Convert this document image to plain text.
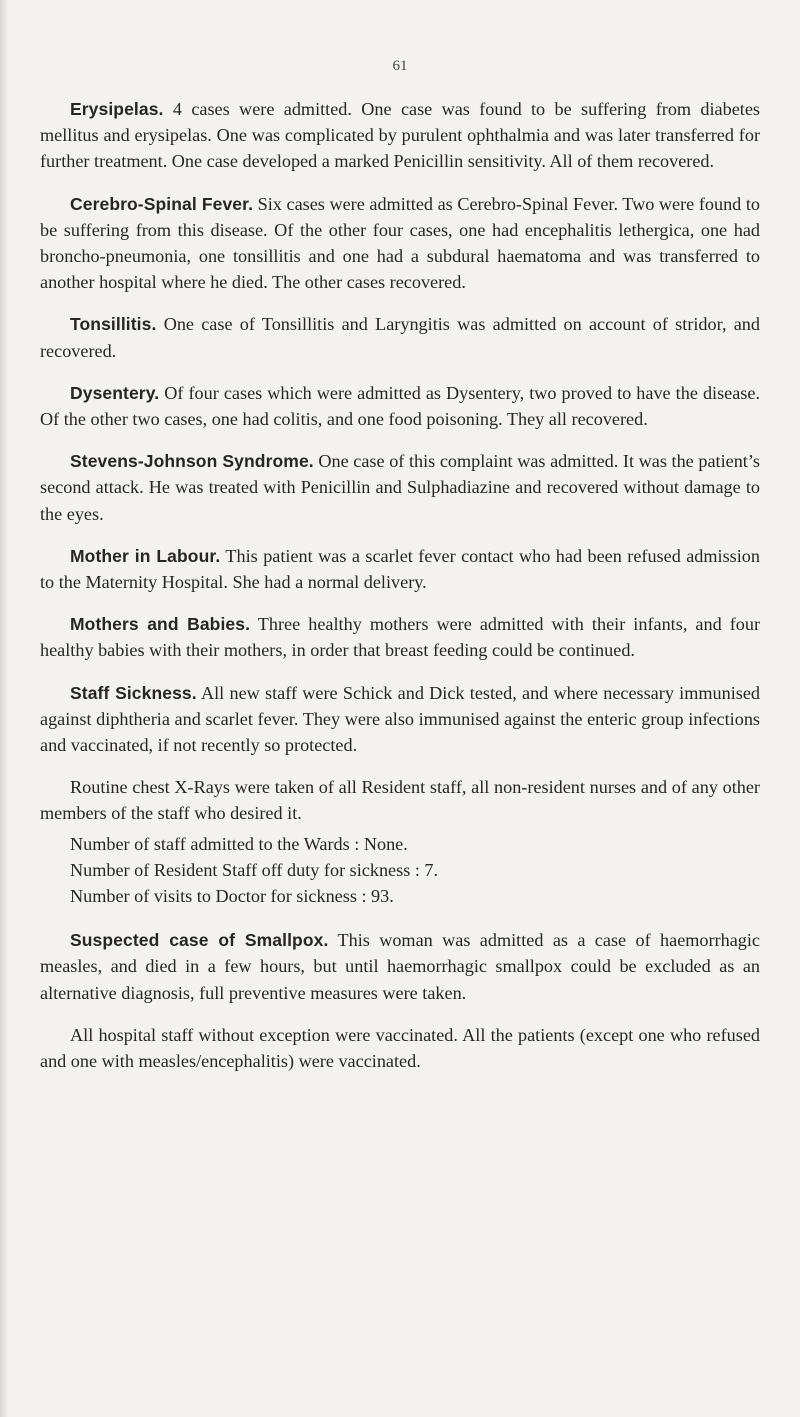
61

Erysipelas. 4 cases were admitted. One case was found to be suffering from diabetes mellitus and erysipelas. One was complicated by purulent ophthalmia and was later transferred for further treatment. One case developed a marked Penicillin sensitivity. All of them recovered.

Cerebro-Spinal Fever. Six cases were admitted as Cerebro-Spinal Fever. Two were found to be suffering from this disease. Of the other four cases, one had encephalitis lethergica, one had broncho-pneumonia, one tonsillitis and one had a subdural haematoma and was transferred to another hospital where he died. The other cases recovered.

Tonsillitis. One case of Tonsillitis and Laryngitis was admitted on account of stridor, and recovered.

Dysentery. Of four cases which were admitted as Dysentery, two proved to have the disease. Of the other two cases, one had colitis, and one food poisoning. They all recovered.

Stevens-Johnson Syndrome. One case of this complaint was admitted. It was the patient’s second attack. He was treated with Penicillin and Sulphadiazine and recovered without damage to the eyes.

Mother in Labour. This patient was a scarlet fever contact who had been refused admission to the Maternity Hospital. She had a normal delivery.

Mothers and Babies. Three healthy mothers were admitted with their infants, and four healthy babies with their mothers, in order that breast feeding could be continued.

Staff Sickness. All new staff were Schick and Dick tested, and where necessary immunised against diphtheria and scarlet fever. They were also immunised against the enteric group infections and vaccinated, if not recently so protected.

Routine chest X-Rays were taken of all Resident staff, all non-resident nurses and of any other members of the staff who desired it.

Number of staff admitted to the Wards : None.
Number of Resident Staff off duty for sickness : 7.
Number of visits to Doctor for sickness : 93.

Suspected case of Smallpox. This woman was admitted as a case of haemorrhagic measles, and died in a few hours, but until haemorrhagic smallpox could be excluded as an alternative diagnosis, full preventive measures were taken.

All hospital staff without exception were vaccinated. All the patients (except one who refused and one with measles/encephalitis) were vaccinated.
